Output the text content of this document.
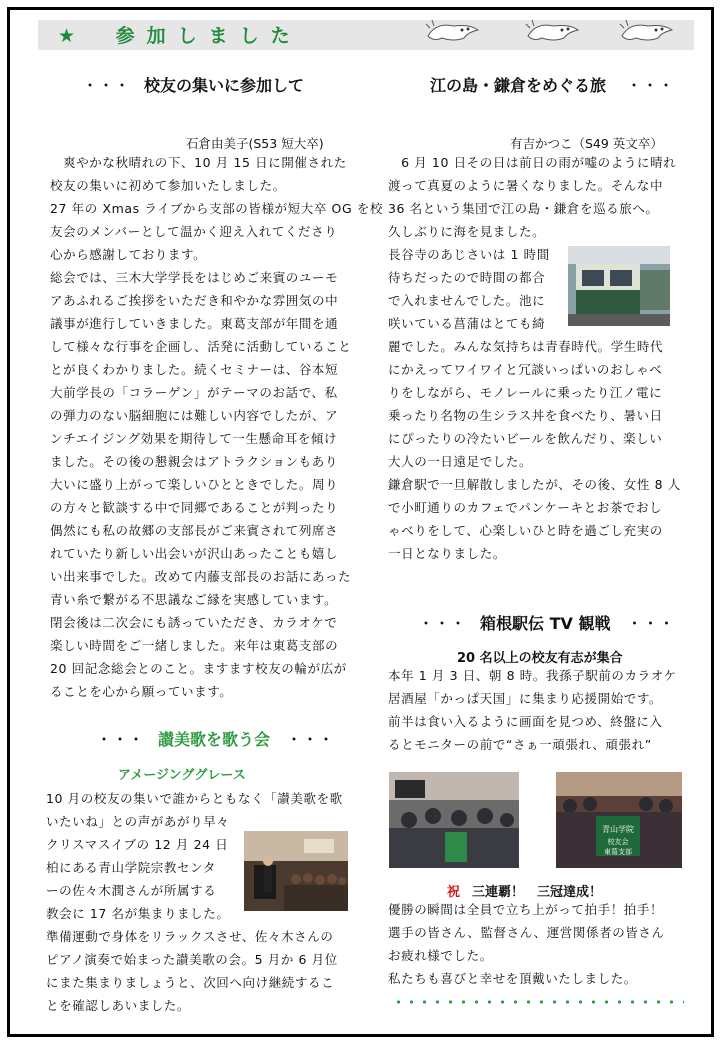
★ 参加しました
・・・ 校友の集いに参加して
石倉由美子(S53 短大卒)
　爽やかな秋晴れの下、10 月 15 日に開催された
校友の集いに初めて参加いたしました。
27 年の Xmas ライブから支部の皆様が短大卒 OG を校
友会のメンバーとして温かく迎え入れてくださり
心から感謝しております。
総会では、三木大学学長をはじめご来賓のユーモ
アあふれるご挨拶をいただき和やかな雰囲気の中
議事が進行していきました。東葛支部が年間を通
して様々な行事を企画し、活発に活動していること
とが良くわかりました。続くセミナーは、谷本短
大前学長の「コラーゲン」がテーマのお話で、私
の弾力のない脳細胞には難しい内容でしたが、ア
ンチエイジング効果を期待して一生懸命耳を傾け
ました。その後の懇親会はアトラクションもあり
大いに盛り上がって楽しいひとときでした。周り
の方々と歓談する中で同郷であることが判ったり
偶然にも私の故郷の支部長がご来賓されて列席さ
れていたり新しい出会いが沢山あったことも嬉し
い出来事でした。改めて内藤支部長のお話にあった
青い糸で繋がる不思議なご縁を実感しています。
閉会後は二次会にも誘っていただき、カラオケで
楽しい時間をご一緒しました。来年は東葛支部の
20 回記念総会とのこと。ますます校友の輪が広が
ることを心から願っています。
・・・ 讃美歌を歌う会 ・・・
アメージンググレース
10 月の校友の集いで誰からともなく「讃美歌を歌
いたいね」との声があがり早々
クリスマスイブの 12 月 24 日
柏にある青山学院宗教センタ
ーの佐々木潤さんが所属する
教会に 17 名が集まりました。
準備運動で身体をリラックスさせ、佐々木さんの
ピアノ演奏で始まった讃美歌の会。5 月か 6 月位
にまた集まりましょうと、次回へ向け継続するこ
とを確認しあいました。
江の島・鎌倉をめぐる旅 ・・・
有吉かつこ（S49 英文卒）
　6 月 10 日その日は前日の雨が嘘のように晴れ
渡って真夏のように暑くなりました。そんな中
36 名という集団で江の島・鎌倉を巡る旅へ。
久しぶりに海を見ました。
長谷寺のあじさいは 1 時間
待ちだったので時間の都合
で入れませんでした。池に
咲いている菖蒲はとても綺
麗でした。みんな気持ちは青春時代。学生時代
にかえってワイワイと冗談いっぱいのおしゃべ
りをしながら、モノレールに乗ったり江ノ電に
乗ったり名物の生シラス丼を食べたり、暑い日
にぴったりの冷たいビールを飲んだり、楽しい
大人の一日遠足でした。
鎌倉駅で一旦解散しましたが、その後、女性 8 人
で小町通りのカフェでパンケーキとお茶でおし
ゃべりをして、心楽しいひと時を過ごし充実の
一日となりました。
・・・ 箱根駅伝 TV 観戦 ・・・
20 名以上の校友有志が集合
本年 1 月 3 日、朝 8 時。我孫子駅前のカラオケ
居酒屋「かっぱ天国」に集まり応援開始です。
前半は食い入るように画面を見つめ、終盤に入
るとモニターの前で“さぁ一頑張れ、頑張れ”
青山学院
校友会
東葛支部
祝 三連覇！　三冠達成！
優勝の瞬間は全員で立ち上がって拍手！拍手！
選手の皆さん、監督さん、運営関係者の皆さん
お疲れ様でした。
私たちも喜びと幸せを頂戴いたしました。
